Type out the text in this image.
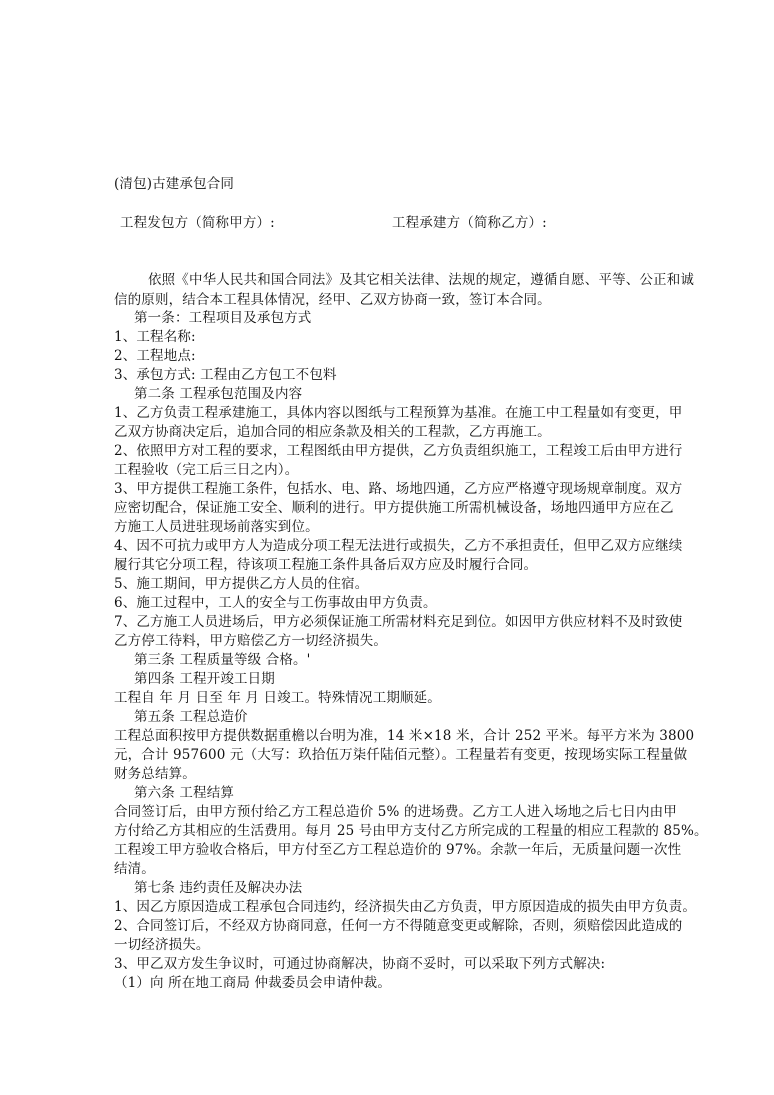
(清包)古建承包合同
工程发包方（简称甲方）:	工程承建方（简称乙方）:
依照《中华人民共和国合同法》及其它相关法律、法规的规定，遵循自愿、平等、公正和诚
信的原则，结合本工程具体情况，经甲、乙双方协商一致，签订本合同。
第一条：工程项目及承包方式
1、工程名称:
2、工程地点:
3、承包方式: 工程由乙方包工不包料
第二条 工程承包范围及内容
1、乙方负责工程承建施工，具体内容以图纸与工程预算为基准。在施工中工程量如有变更，甲
乙双方协商决定后，追加合同的相应条款及相关的工程款，乙方再施工。
2、依照甲方对工程的要求，工程图纸由甲方提供，乙方负责组织施工，工程竣工后由甲方进行
工程验收（完工后三日之内）。
3、甲方提供工程施工条件，包括水、电、路、场地四通，乙方应严格遵守现场规章制度。双方
应密切配合，保证施工安全、顺利的进行。甲方提供施工所需机械设备，场地四通甲方应在乙
方施工人员进驻现场前落实到位。
4、因不可抗力或甲方人为造成分项工程无法进行或损失，乙方不承担责任，但甲乙双方应继续
履行其它分项工程，待该项工程施工条件具备后双方应及时履行合同。
5、施工期间，甲方提供乙方人员的住宿。
6、施工过程中，工人的安全与工伤事故由甲方负责。
7、乙方施工人员进场后，甲方必须保证施工所需材料充足到位。如因甲方供应材料不及时致使
乙方停工待料，甲方赔偿乙方一切经济损失。
第三条 工程质量等级 合格。'
第四条 工程开竣工日期
工程自 年 月 日至 年 月 日竣工。特殊情况工期顺延。
第五条 工程总造价
工程总面积按甲方提供数据重檐以台明为准，14 米×18 米，合计 252 平米。每平方米为 3800
元，合计 957600 元（大写：玖拾伍万柒仟陆佰元整）。工程量若有变更，按现场实际工程量做
财务总结算。
第六条 工程结算
合同签订后，由甲方预付给乙方工程总造价 5% 的进场费。乙方工人进入场地之后七日内由甲
方付给乙方其相应的生活费用。每月 25 号由甲方支付乙方所完成的工程量的相应工程款的 85%。
工程竣工甲方验收合格后，甲方付至乙方工程总造价的 97%。余款一年后，无质量问题一次性
结清。
第七条 违约责任及解决办法
1、因乙方原因造成工程承包合同违约，经济损失由乙方负责，甲方原因造成的损失由甲方负责。
2、合同签订后，不经双方协商同意，任何一方不得随意变更或解除，否则，须赔偿因此造成的
一切经济损失。
3、甲乙双方发生争议时，可通过协商解决，协商不妥时，可以采取下列方式解决:
（1）向 所在地工商局 仲裁委员会申请仲裁。
